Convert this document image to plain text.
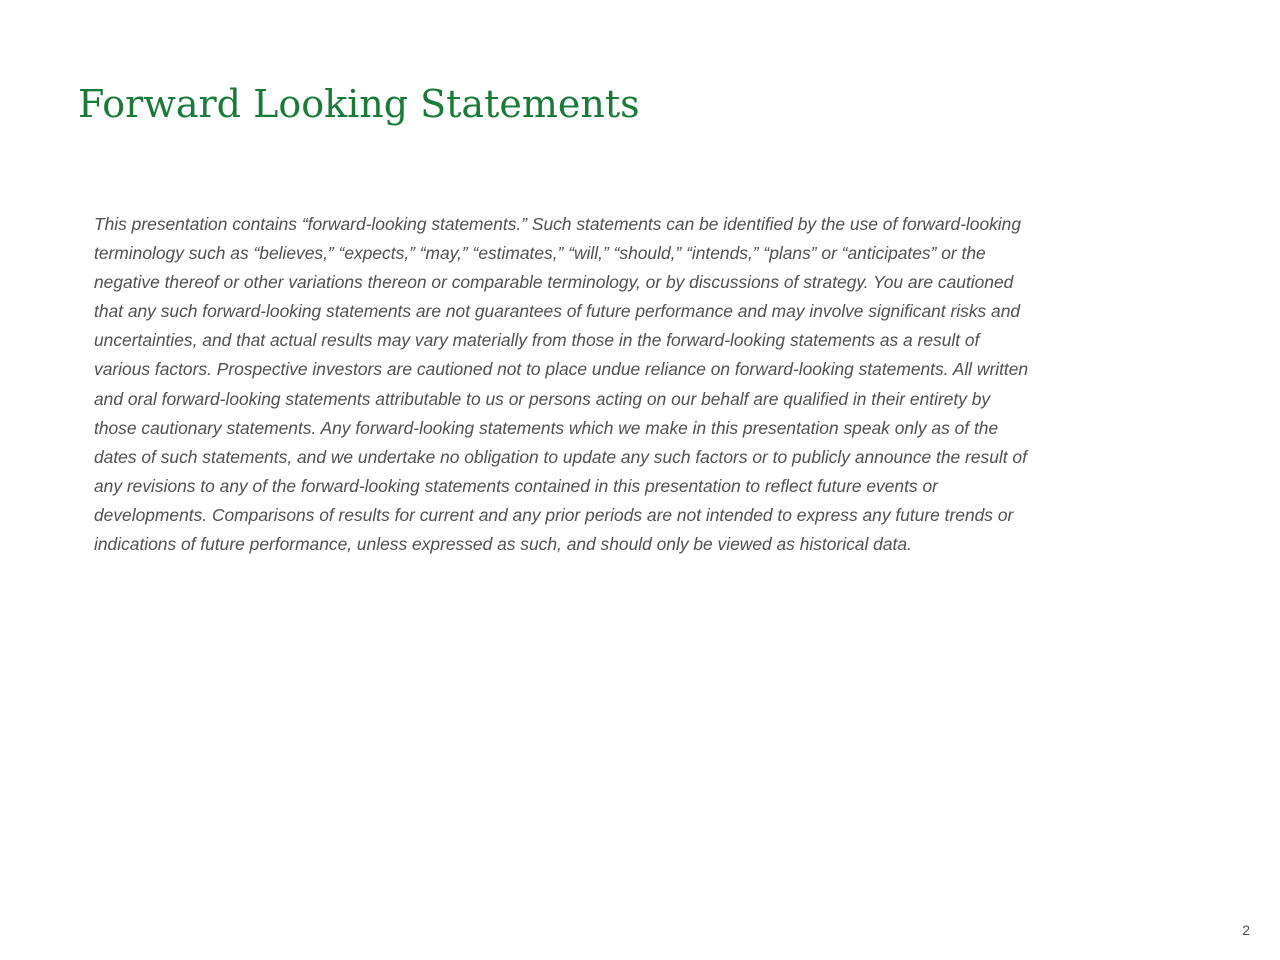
Forward Looking Statements

This presentation contains “forward-looking statements.” Such statements can be identified by the use of forward-looking
terminology such as “believes,” “expects,” “may,” “estimates,” “will,” “should,” “intends,” “plans” or “anticipates” or the
negative thereof or other variations thereon or comparable terminology, or by discussions of strategy. You are cautioned
that any such forward-looking statements are not guarantees of future performance and may involve significant risks and
uncertainties, and that actual results may vary materially from those in the forward-looking statements as a result of
various factors. Prospective investors are cautioned not to place undue reliance on forward-looking statements. All written
and oral forward-looking statements attributable to us or persons acting on our behalf are qualified in their entirety by
those cautionary statements. Any forward-looking statements which we make in this presentation speak only as of the
dates of such statements, and we undertake no obligation to update any such factors or to publicly announce the result of
any revisions to any of the forward-looking statements contained in this presentation to reflect future events or
developments. Comparisons of results for current and any prior periods are not intended to express any future trends or
indications of future performance, unless expressed as such, and should only be viewed as historical data.

2
